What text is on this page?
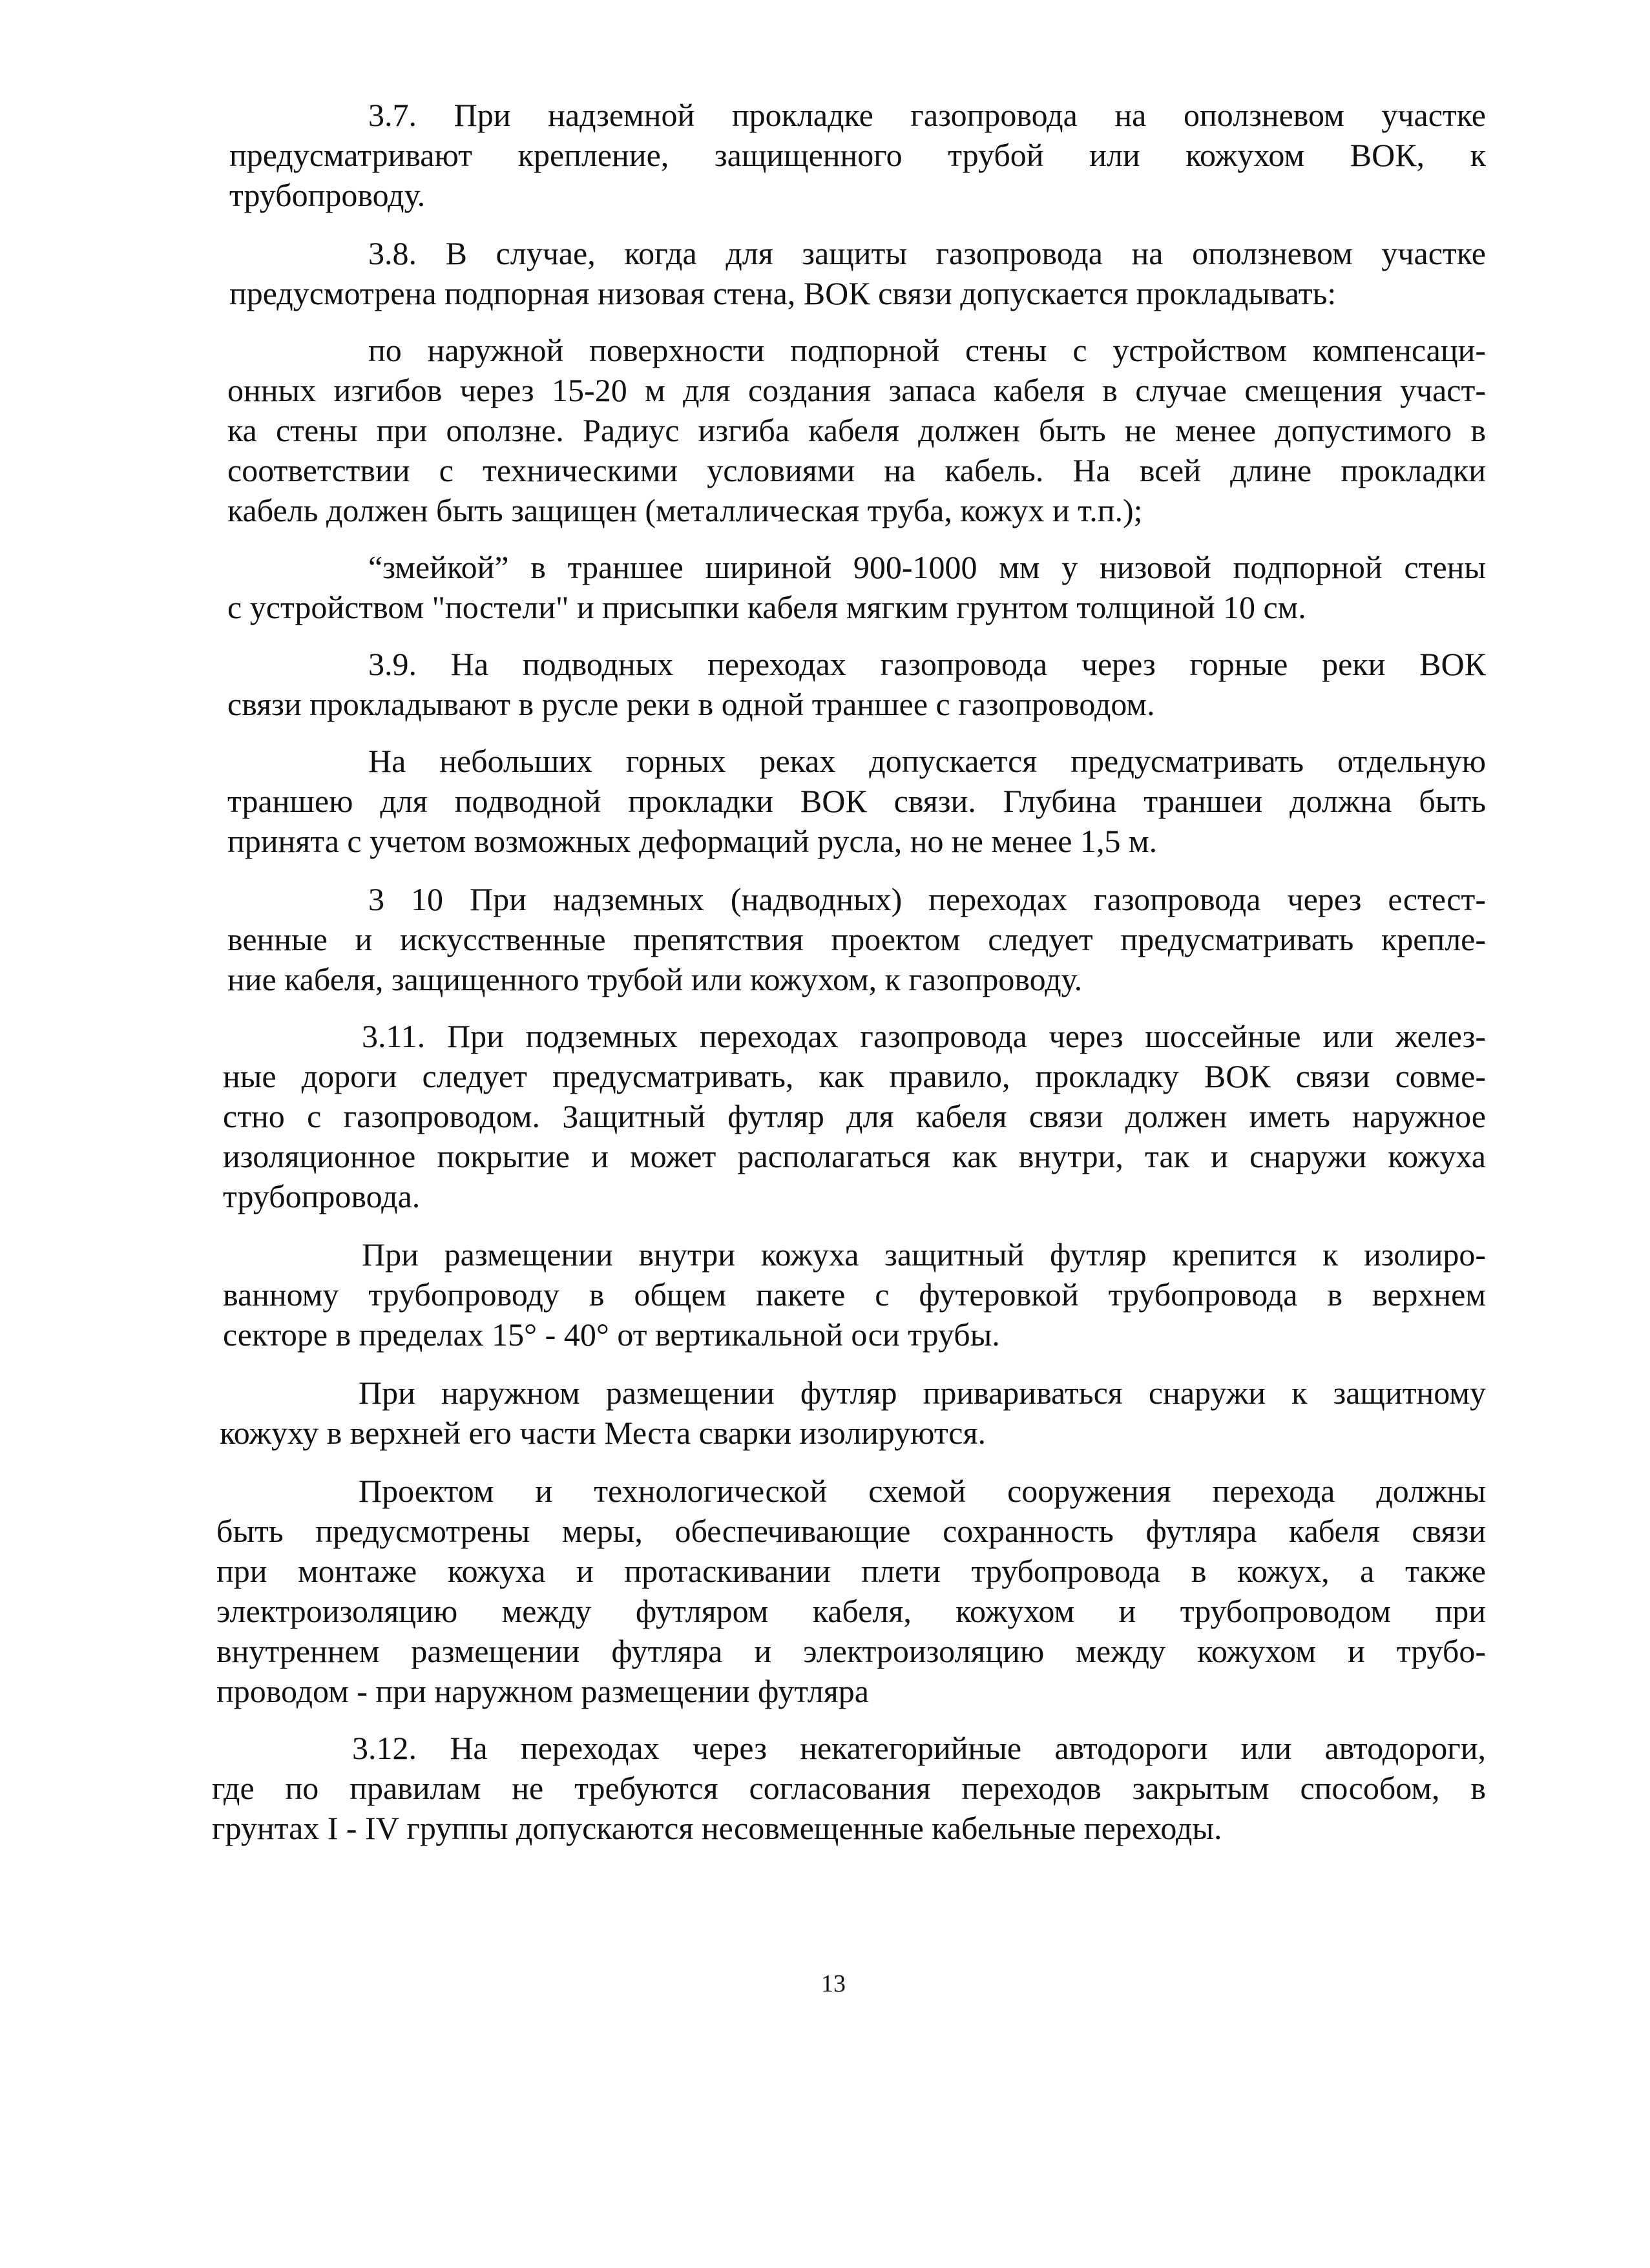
3.7. При надземной прокладке газопровода на оползневом участке
предусматривают крепление, защищенного трубой или кожухом ВОК, к
трубопроводу.
3.8. В случае, когда для защиты газопровода на оползневом участке
предусмотрена подпорная низовая стена, ВОК связи допускается прокладывать:
по наружной поверхности подпорной стены с устройством компенсаци-
онных изгибов через 15-20 м для создания запаса кабеля в случае смещения участ-
ка стены при оползне. Радиус изгиба кабеля должен быть не менее допустимого в
соответствии с техническими условиями на кабель. На всей длине прокладки
кабель должен быть защищен (металлическая труба, кожух и т.п.);
“змейкой” в траншее шириной 900-1000 мм у низовой подпорной стены
с устройством "постели" и присыпки кабеля мягким грунтом толщиной 10 см.
3.9. На подводных переходах газопровода через горные реки ВОК
связи прокладывают в русле реки в одной траншее с газопроводом.
На небольших горных реках допускается предусматривать отдельную
траншею для подводной прокладки ВОК связи. Глубина траншеи должна быть
принята с учетом возможных деформаций русла, но не менее 1,5 м.
3 10 При надземных (надводных) переходах газопровода через естест-
венные и искусственные препятствия проектом следует предусматривать крепле-
ние кабеля, защищенного трубой или кожухом, к газопроводу.
3.11. При подземных переходах газопровода через шоссейные или желез-
ные дороги следует предусматривать, как правило, прокладку ВОК связи совме-
стно с газопроводом. Защитный футляр для кабеля связи должен иметь наружное
изоляционное покрытие и может располагаться как внутри, так и снаружи кожуха
трубопровода.
При размещении внутри кожуха защитный футляр крепится к изолиро-
ванному трубопроводу в общем пакете с футеровкой трубопровода в верхнем
секторе в пределах 15° - 40° от вертикальной оси трубы.
При наружном размещении футляр привариваться снаружи к защитному
кожуху в верхней его части Места сварки изолируются.
Проектом и технологической схемой сооружения перехода должны
быть предусмотрены меры, обеспечивающие сохранность футляра кабеля связи
при монтаже кожуха и протаскивании плети трубопровода в кожух, а также
электроизоляцию между футляром кабеля, кожухом и трубопроводом при
внутреннем размещении футляра и электроизоляцию между кожухом и трубо-
проводом - при наружном размещении футляра
3.12. На переходах через некатегорийные автодороги или автодороги,
где по правилам не требуются согласования переходов закрытым способом, в
грунтах I - IV группы допускаются несовмещенные кабельные переходы.
13
